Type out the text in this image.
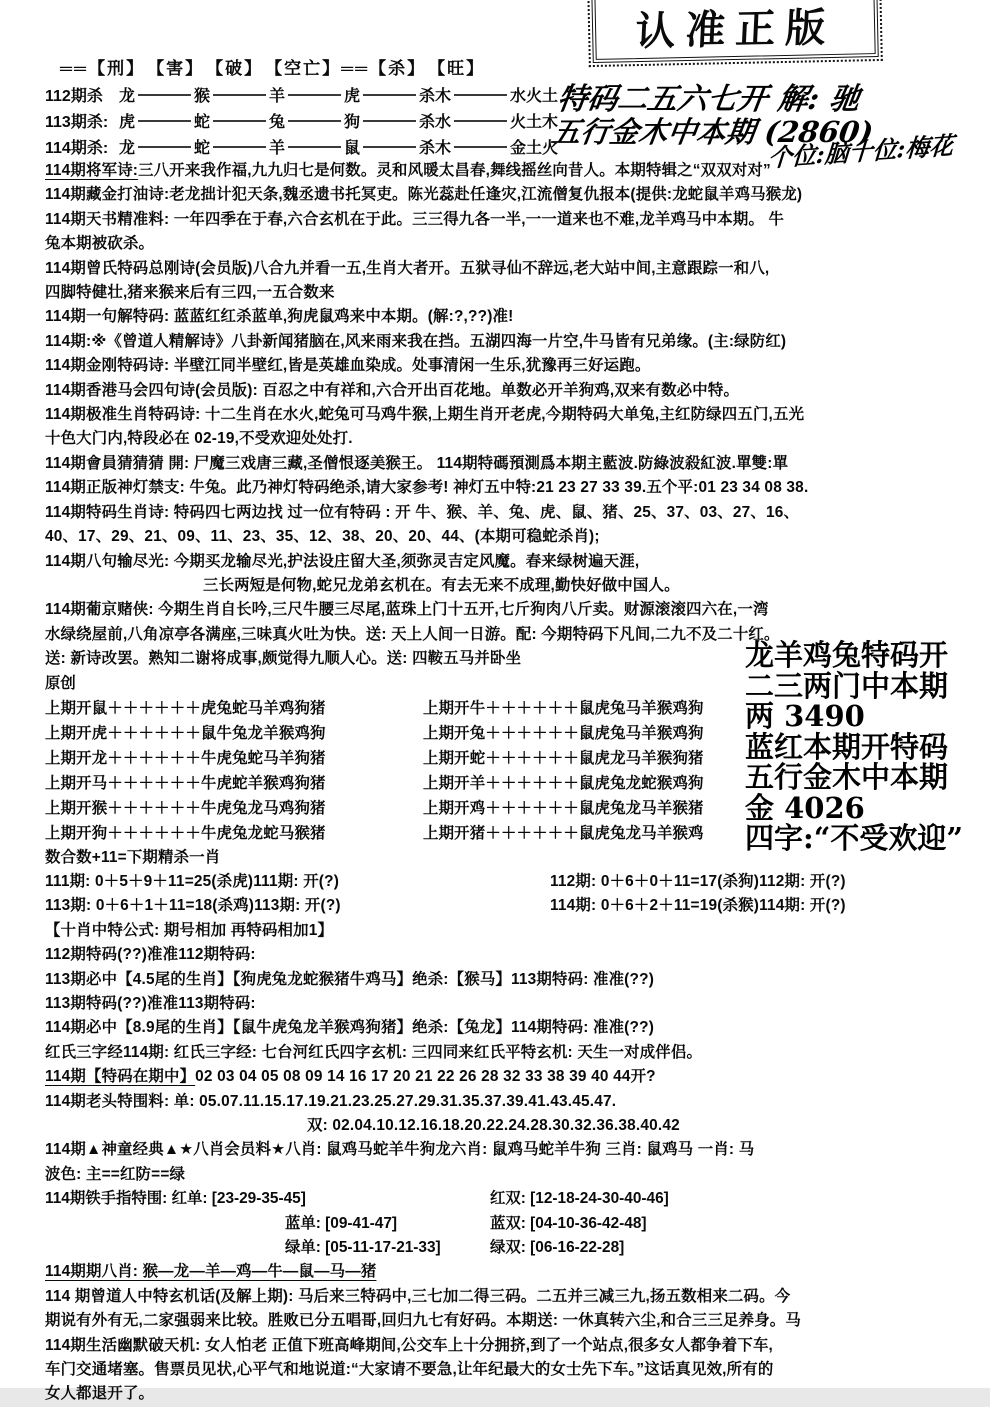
认准正版
特码二五六七开 解: 驰
五行金木中本期 (2860)
个位:脑十位:梅花
龙羊鸡兔特码开
二三两门中本期
两 3490
蓝红本期开特码
五行金木中本期
金 4026
四字:“不受欢迎”
══【刑】　【害】　【破】　【空亡】══【杀】　【旺】
112期杀	龙	猴	羊	虎	杀木	水火土
113期杀: 虎	蛇	兔	狗	杀水	火土木
114期杀: 龙	蛇	羊	鼠	杀木	金土火
114期将军诗:三八开来我作福,九九归七是何数。灵和风暖太昌春,舞线摇丝向昔人。本期特辑之“双双对对”
114期藏金打油诗:老龙拙计犯天条,魏丞遗书托冥吏。陈光蕊赴任逢灾,江流僧复仇报本(提供:龙蛇鼠羊鸡马猴龙)
114期天书精准料: 一年四季在于春,六合玄机在于此。三三得九各一半,一一道来也不难,龙羊鸡马中本期。 牛
兔本期被砍杀。
114期曾氏特码总刚诗(会员版)八合九并看一五,生肖大者开。五狱寻仙不辞远,老大站中间,主意跟踪一和八,
四脚特健壮,猪来猴来后有三四,一五合数来
114期一句解特码: 蓝蓝红红杀蓝单,狗虎鼠鸡来中本期。(解:?,??)准!
114期:※《曾道人精解诗》八卦新闻猪脑在,风来雨来我在挡。五湖四海一片空,牛马皆有兄弟缘。(主:绿防红)
114期金刚特码诗: 半壁江同半壁红,皆是英雄血染成。处事清闲一生乐,犹豫再三好运跑。
114期香港马会四句诗(会员版): 百忍之中有祥和,六合开出百花地。单数必开羊狗鸡,双来有数必中特。
114期极准生肖特码诗: 十二生肖在水火,蛇兔可马鸡牛猴,上期生肖开老虎,今期特码大单兔,主红防绿四五门,五光
十色大门内,特段必在 02-19,不受欢迎处处打.
114期會員猜猜猜 開: 尸魔三戏唐三藏,圣僧恨逐美猴王。 114期特碼預測爲本期主藍波.防綠波殺紅波.單雙:單
114期正版神灯禁支: 牛兔。此乃神灯特码绝杀,请大家参考! 神灯五中特:21 23 27 33 39.五个平:01 23 34 08 38.
114期特码生肖诗: 特码四七两边找 过一位有特码 : 开 牛、猴、羊、兔、虎、鼠、猪、25、37、03、27、16、
40、17、29、21、09、11、23、35、12、38、20、20、44、(本期可稳蛇杀肖);
114期八句输尽光: 今期买龙输尽光,护法设庄留大圣,须弥灵吉定风魔。春来绿树遍天涯,
三长两短是何物,蛇兄龙弟玄机在。有去无来不成理,勤快好做中国人。
114期葡京赌侠: 今期生肖自长吟,三尺牛腰三尽尾,蓝珠上门十五开,七斤狗肉八斤卖。财源滚滚四六在,一湾
水绿绕屋前,八角凉亭各满座,三味真火吐为快。送: 天上人间一日游。配: 今期特码下凡间,二九不及二十红。
送: 新诗改罢。熟知二谢将成事,颇觉得九顺人心。送: 四鞍五马并卧坐
原创
上期开鼠＋＋＋＋＋＋虎兔蛇马羊鸡狗猪	上期开牛＋＋＋＋＋＋鼠虎兔马羊猴鸡狗
上期开虎＋＋＋＋＋＋鼠牛兔龙羊猴鸡狗	上期开兔＋＋＋＋＋＋鼠虎兔马羊猴鸡狗
上期开龙＋＋＋＋＋＋牛虎兔蛇马羊狗猪	上期开蛇＋＋＋＋＋＋鼠虎龙马羊猴狗猪
上期开马＋＋＋＋＋＋牛虎蛇羊猴鸡狗猪	上期开羊＋＋＋＋＋＋鼠虎兔龙蛇猴鸡狗
上期开猴＋＋＋＋＋＋牛虎兔龙马鸡狗猪	上期开鸡＋＋＋＋＋＋鼠虎兔龙马羊猴猪
上期开狗＋＋＋＋＋＋牛虎兔龙蛇马猴猪	上期开猪＋＋＋＋＋＋鼠虎兔龙马羊猴鸡
数合数+11=下期精杀一肖
111期: 0＋5＋9＋11=25(杀虎)111期: 开(?)	112期: 0＋6＋0＋11=17(杀狗)112期: 开(?)
113期: 0＋6＋1＋11=18(杀鸡)113期: 开(?)	114期: 0＋6＋2＋11=19(杀猴)114期: 开(?)
【十肖中特公式: 期号相加 再特码相加1】
112期特码(??)准准112期特码:
113期必中【4.5尾的生肖】【狗虎兔龙蛇猴猪牛鸡马】绝杀:【猴马】113期特码: 准准(??)
113期特码(??)准准113期特码:
114期必中【8.9尾的生肖】【鼠牛虎兔龙羊猴鸡狗猪】绝杀:【兔龙】114期特码: 准准(??)
红氏三字经114期: 红氏三字经: 七台河红氏四字玄机: 三四同来红氏平特玄机: 天生一对成伴侣。
114期【特码在期中】02 03 04 05 08 09 14 16 17 20 21 22 26 28 32 33 38 39 40 44开?
114期老头特围料: 单: 05.07.11.15.17.19.21.23.25.27.29.31.35.37.39.41.43.45.47.
双: 02.04.10.12.16.18.20.22.24.28.30.32.36.38.40.42
114期▲神童经典▲★八肖会员料★八肖: 鼠鸡马蛇羊牛狗龙六肖: 鼠鸡马蛇羊牛狗 三肖: 鼠鸡马 一肖: 马
波色: 主==红防==绿
114期铁手指特围: 红单: [23-29-35-45]	红双: [12-18-24-30-40-46]
蓝单: [09-41-47]	蓝双: [04-10-36-42-48]
绿单: [05-11-17-21-33]	绿双: [06-16-22-28]
114期期八肖: 猴—龙—羊—鸡—牛—鼠—马—猪
114 期曾道人中特玄机话(及解上期): 马后来三特码中,三七加二得三码。二五并三减三九,扬五数相来二码。今
期说有外有无,二家强弱来比较。胜败已分五唱哥,回归九七有好码。本期送: 一休真转六尘,和合三三足养身。马
114期生活幽默破天机: 女人怕老 正值下班高峰期间,公交车上十分拥挤,到了一个站点,很多女人都争着下车,
车门交通堵塞。售票员见状,心平气和地说道:“大家请不要急,让年纪最大的女士先下车。”这话真见效,所有的
女人都退开了。
